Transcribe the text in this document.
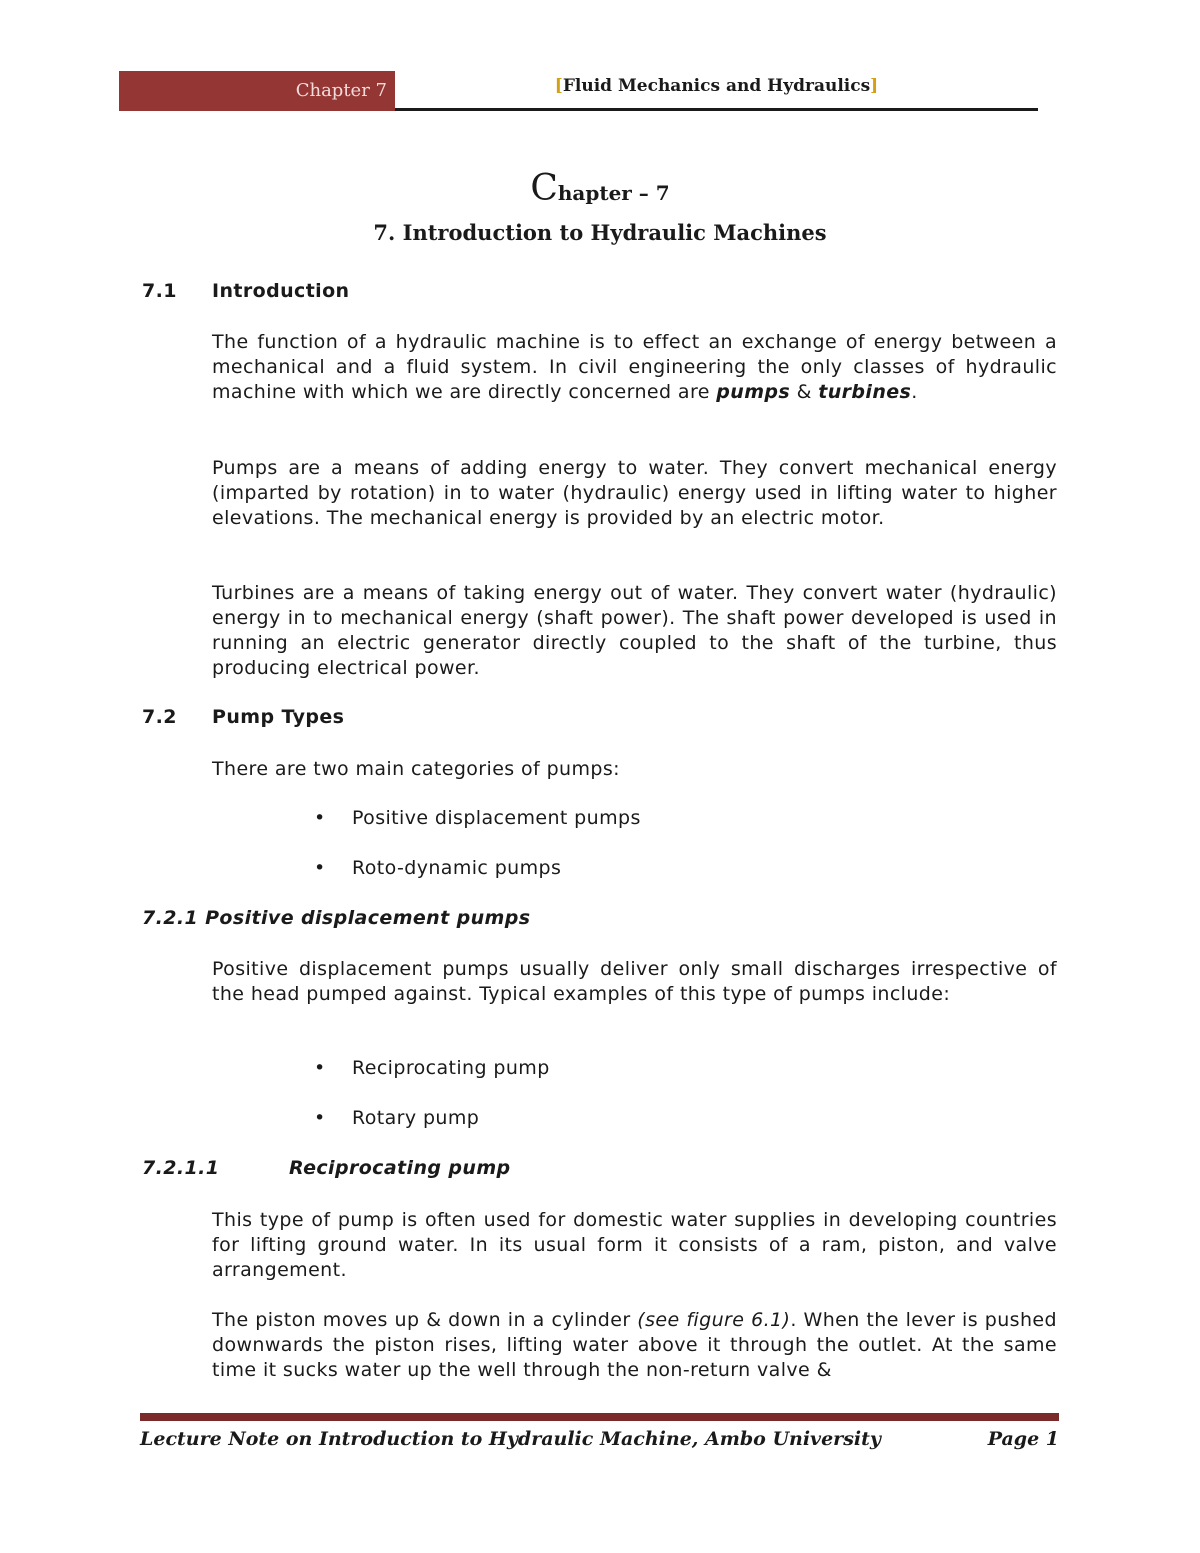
Chapter 7	[Fluid Mechanics and Hydraulics]
Chapter – 7
7. Introduction to Hydraulic Machines
7.1 Introduction
The function of a hydraulic machine is to effect an exchange of energy between a mechanical and a fluid system. In civil engineering the only classes of hydraulic machine with which we are directly concerned are pumps & turbines.
Pumps are a means of adding energy to water. They convert mechanical energy (imparted by rotation) in to water (hydraulic) energy used in lifting water to higher elevations. The mechanical energy is provided by an electric motor.
Turbines are a means of taking energy out of water. They convert water (hydraulic) energy in to mechanical energy (shaft power). The shaft power developed is used in running an electric generator directly coupled to the shaft of the turbine, thus producing electrical power.
7.2 Pump Types
There are two main categories of pumps:
• Positive displacement pumps
• Roto-dynamic pumps
7.2.1 Positive displacement pumps
Positive displacement pumps usually deliver only small discharges irrespective of the head pumped against. Typical examples of this type of pumps include:
• Reciprocating pump
• Rotary pump
7.2.1.1	Reciprocating pump
This type of pump is often used for domestic water supplies in developing countries for lifting ground water. In its usual form it consists of a ram, piston, and valve arrangement.
The piston moves up & down in a cylinder (see figure 6.1). When the lever is pushed downwards the piston rises, lifting water above it through the outlet. At the same time it sucks water up the well through the non-return valve &
Lecture Note on Introduction to Hydraulic Machine, Ambo University	Page 1
